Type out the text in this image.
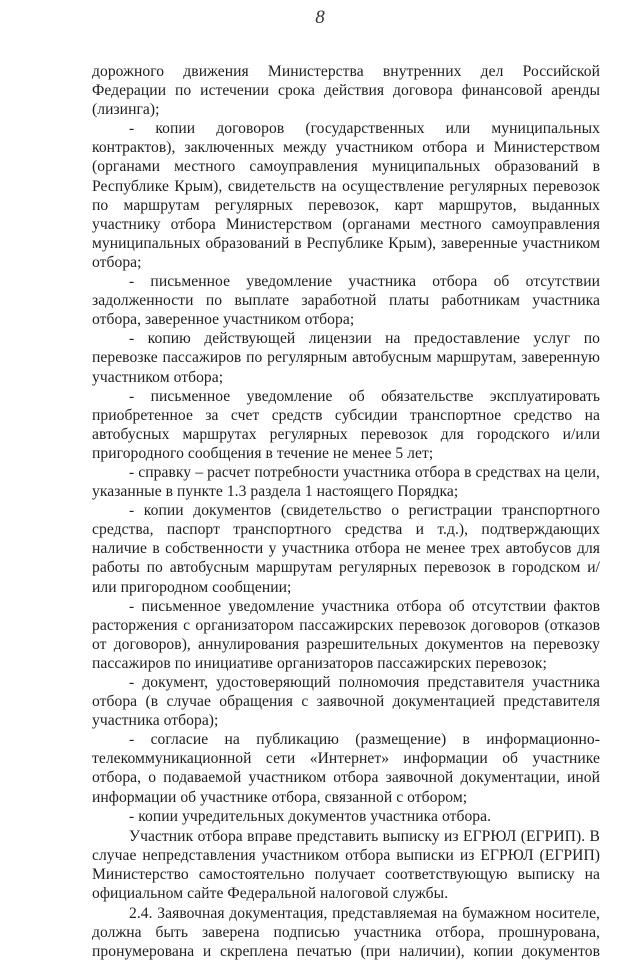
8

дорожного движения Министерства внутренних дел Российской Федерации по истечении срока действия договора финансовой аренды (лизинга);

- копии договоров (государственных или муниципальных контрактов), заключенных между участником отбора и Министерством (органами местного самоуправления муниципальных образований в Республике Крым), свидетельств на осуществление регулярных перевозок по маршрутам регулярных перевозок, карт маршрутов, выданных участнику отбора Министерством (органами местного самоуправления муниципальных образований в Республике Крым), заверенные участником отбора;

- письменное уведомление участника отбора об отсутствии задолженности по выплате заработной платы работникам участника отбора, заверенное участником отбора;

- копию действующей лицензии на предоставление услуг по перевозке пассажиров по регулярным автобусным маршрутам, заверенную участником отбора;

- письменное уведомление об обязательстве эксплуатировать приобретенное за счет средств субсидии транспортное средство на автобусных маршрутах регулярных перевозок для городского и/или пригородного сообщения в течение не менее 5 лет;

- справку – расчет потребности участника отбора в средствах на цели, указанные в пункте 1.3 раздела 1 настоящего Порядка;

- копии документов (свидетельство о регистрации транспортного средства, паспорт транспортного средства и т.д.), подтверждающих наличие в собственности у участника отбора не менее трех автобусов для работы по автобусным маршрутам регулярных перевозок в городском и/или пригородном сообщении;

- письменное уведомление участника отбора об отсутствии фактов расторжения с организатором пассажирских перевозок договоров (отказов от договоров), аннулирования разрешительных документов на перевозку пассажиров по инициативе организаторов пассажирских перевозок;

- документ, удостоверяющий полномочия представителя участника отбора (в случае обращения с заявочной документацией представителя участника отбора);

- согласие на публикацию (размещение) в информационно-телекоммуникационной сети «Интернет» информации об участнике отбора, о подаваемой участником отбора заявочной документации, иной информации об участнике отбора, связанной с отбором;

- копии учредительных документов участника отбора.

Участник отбора вправе представить выписку из ЕГРЮЛ (ЕГРИП). В случае непредставления участником отбора выписки из ЕГРЮЛ (ЕГРИП) Министерство самостоятельно получает соответствующую выписку на официальном сайте Федеральной налоговой службы.

2.4. Заявочная документация, представляемая на бумажном носителе, должна быть заверена подписью участника отбора, прошнурована, пронумерована и скреплена печатью (при наличии), копии документов
